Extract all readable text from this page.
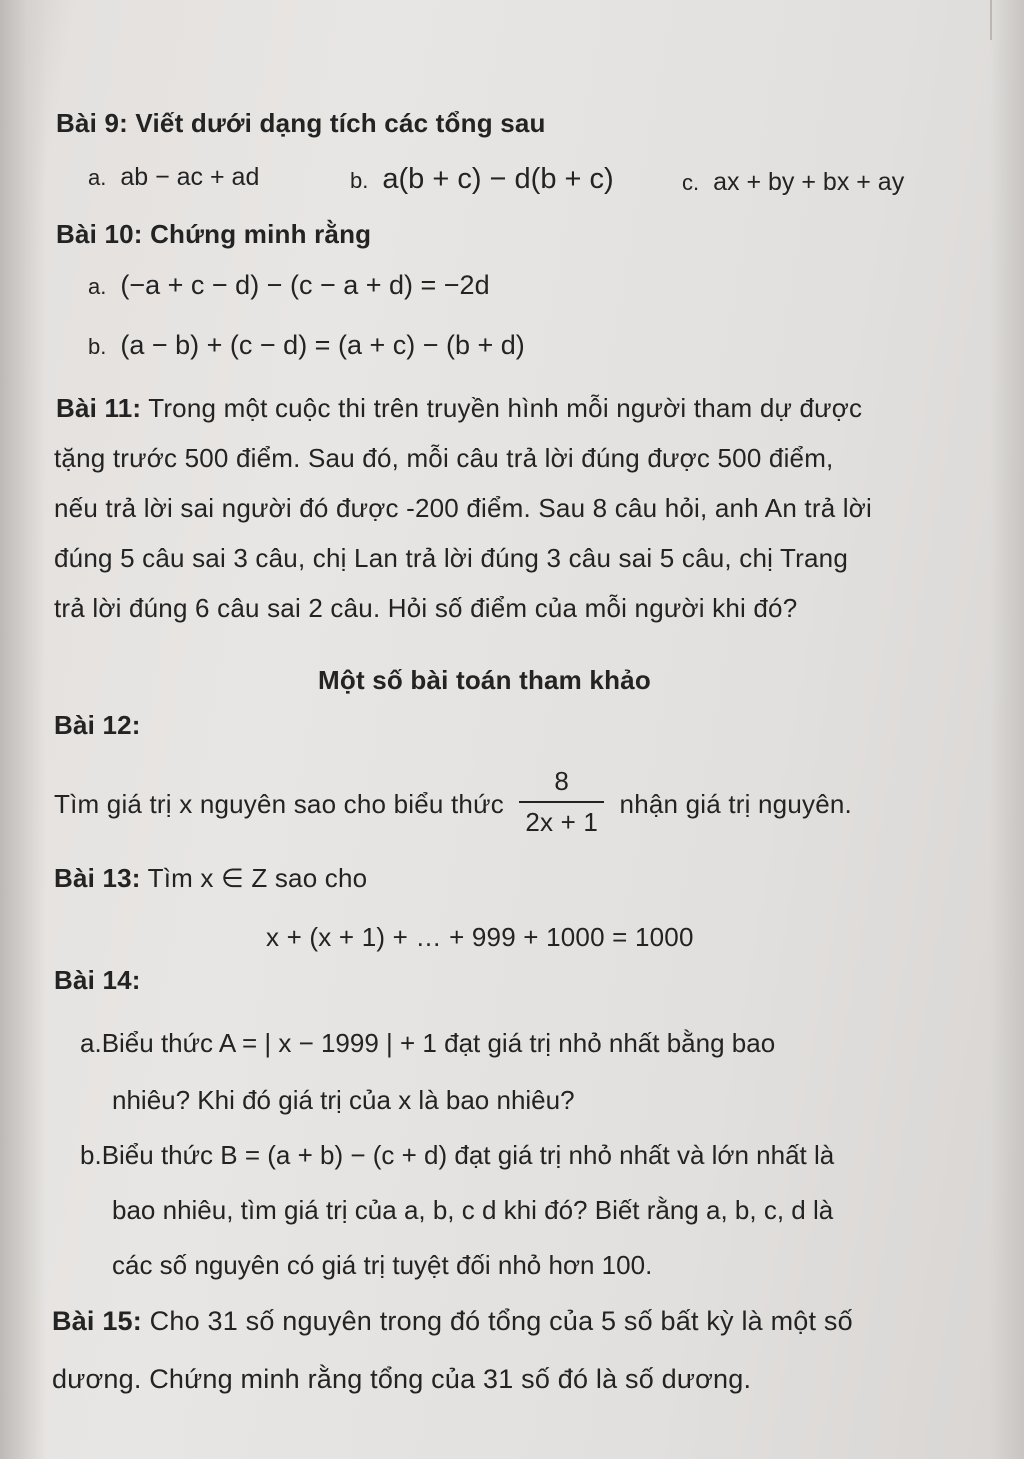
Bài 9: Viết dưới dạng tích các tổng sau
a. ab − ac + ad	b. a(b + c) − d(b + c)	c. ax + by + bx + ay
Bài 10: Chứng minh rằng
a. (−a + c − d) − (c − a + d) = −2d
b. (a − b) + (c − d) = (a + c) − (b + d)
Bài 11: Trong một cuộc thi trên truyền hình mỗi người tham dự được
tặng trước 500 điểm. Sau đó, mỗi câu trả lời đúng được 500 điểm,
nếu trả lời sai người đó được -200 điểm. Sau 8 câu hỏi, anh An trả lời
đúng 5 câu sai 3 câu, chị Lan trả lời đúng 3 câu sai 5 câu, chị Trang
trả lời đúng 6 câu sai 2 câu. Hỏi số điểm của mỗi người khi đó?
Một số bài toán tham khảo
Bài 12:
Tìm giá trị x nguyên sao cho biểu thức $\frac{8}{2x + 1}$ nhận giá trị nguyên.
Bài 13: Tìm x ∈ Z sao cho
x + (x + 1) + … + 999 + 1000 = 1000
Bài 14:
a.Biểu thức A = | x − 1999 | + 1 đạt giá trị nhỏ nhất bằng bao
nhiêu? Khi đó giá trị của x là bao nhiêu?
b.Biểu thức B = (a + b) − (c + d) đạt giá trị nhỏ nhất và lớn nhất là
bao nhiêu, tìm giá trị của a, b, c d khi đó? Biết rằng a, b, c, d là
các số nguyên có giá trị tuyệt đối nhỏ hơn 100.
Bài 15: Cho 31 số nguyên trong đó tổng của 5 số bất kỳ là một số
dương. Chứng minh rằng tổng của 31 số đó là số dương.
